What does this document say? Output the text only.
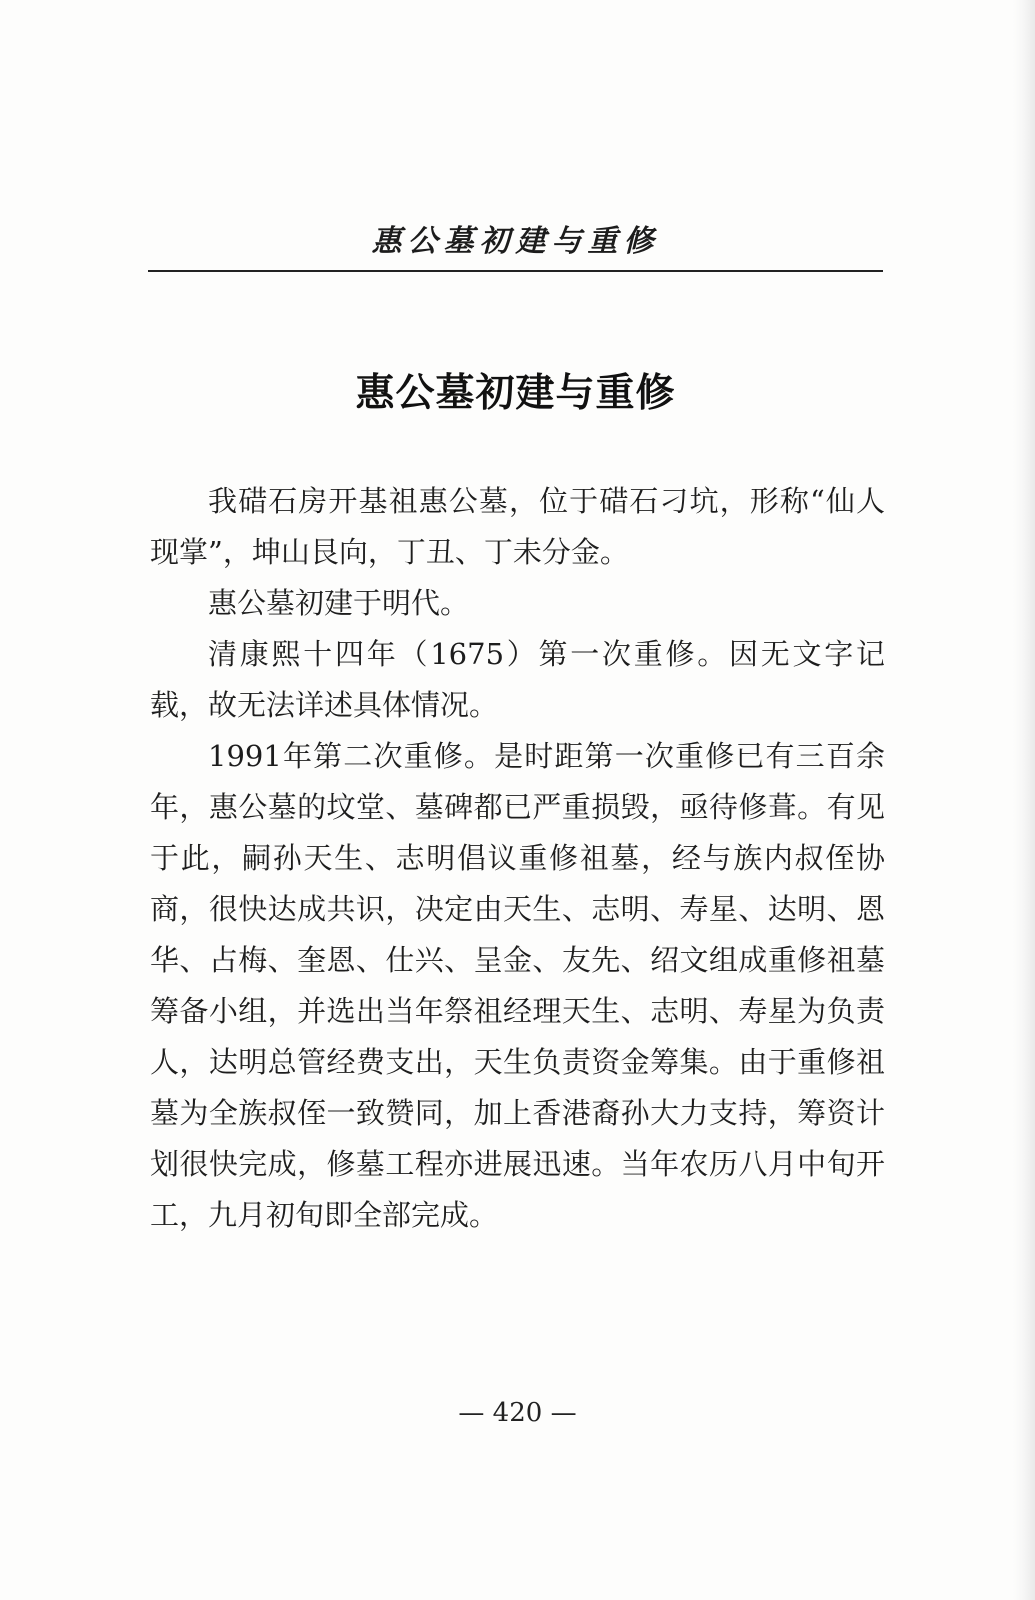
惠公墓初建与重修
惠公墓初建与重修

我碏石房开基祖惠公墓，位于碏石刁坑，形称“仙人现掌”，坤山艮向，丁丑、丁未分金。

惠公墓初建于明代。

清康熙十四年（1675）第一次重修。因无文字记载，故无法详述具体情况。

1991年第二次重修。是时距第一次重修已有三百余年，惠公墓的坟堂、墓碑都已严重损毁，亟待修葺。有见于此，嗣孙天生、志明倡议重修祖墓，经与族内叔侄协商，很快达成共识，决定由天生、志明、寿星、达明、恩华、占梅、奎恩、仕兴、呈金、友先、绍文组成重修祖墓筹备小组，并选出当年祭祖经理天生、志明、寿星为负责人，达明总管经费支出，天生负责资金筹集。由于重修祖墓为全族叔侄一致赞同，加上香港裔孙大力支持，筹资计划很快完成，修墓工程亦进展迅速。当年农历八月中旬开工，九月初旬即全部完成。

— 420 —
